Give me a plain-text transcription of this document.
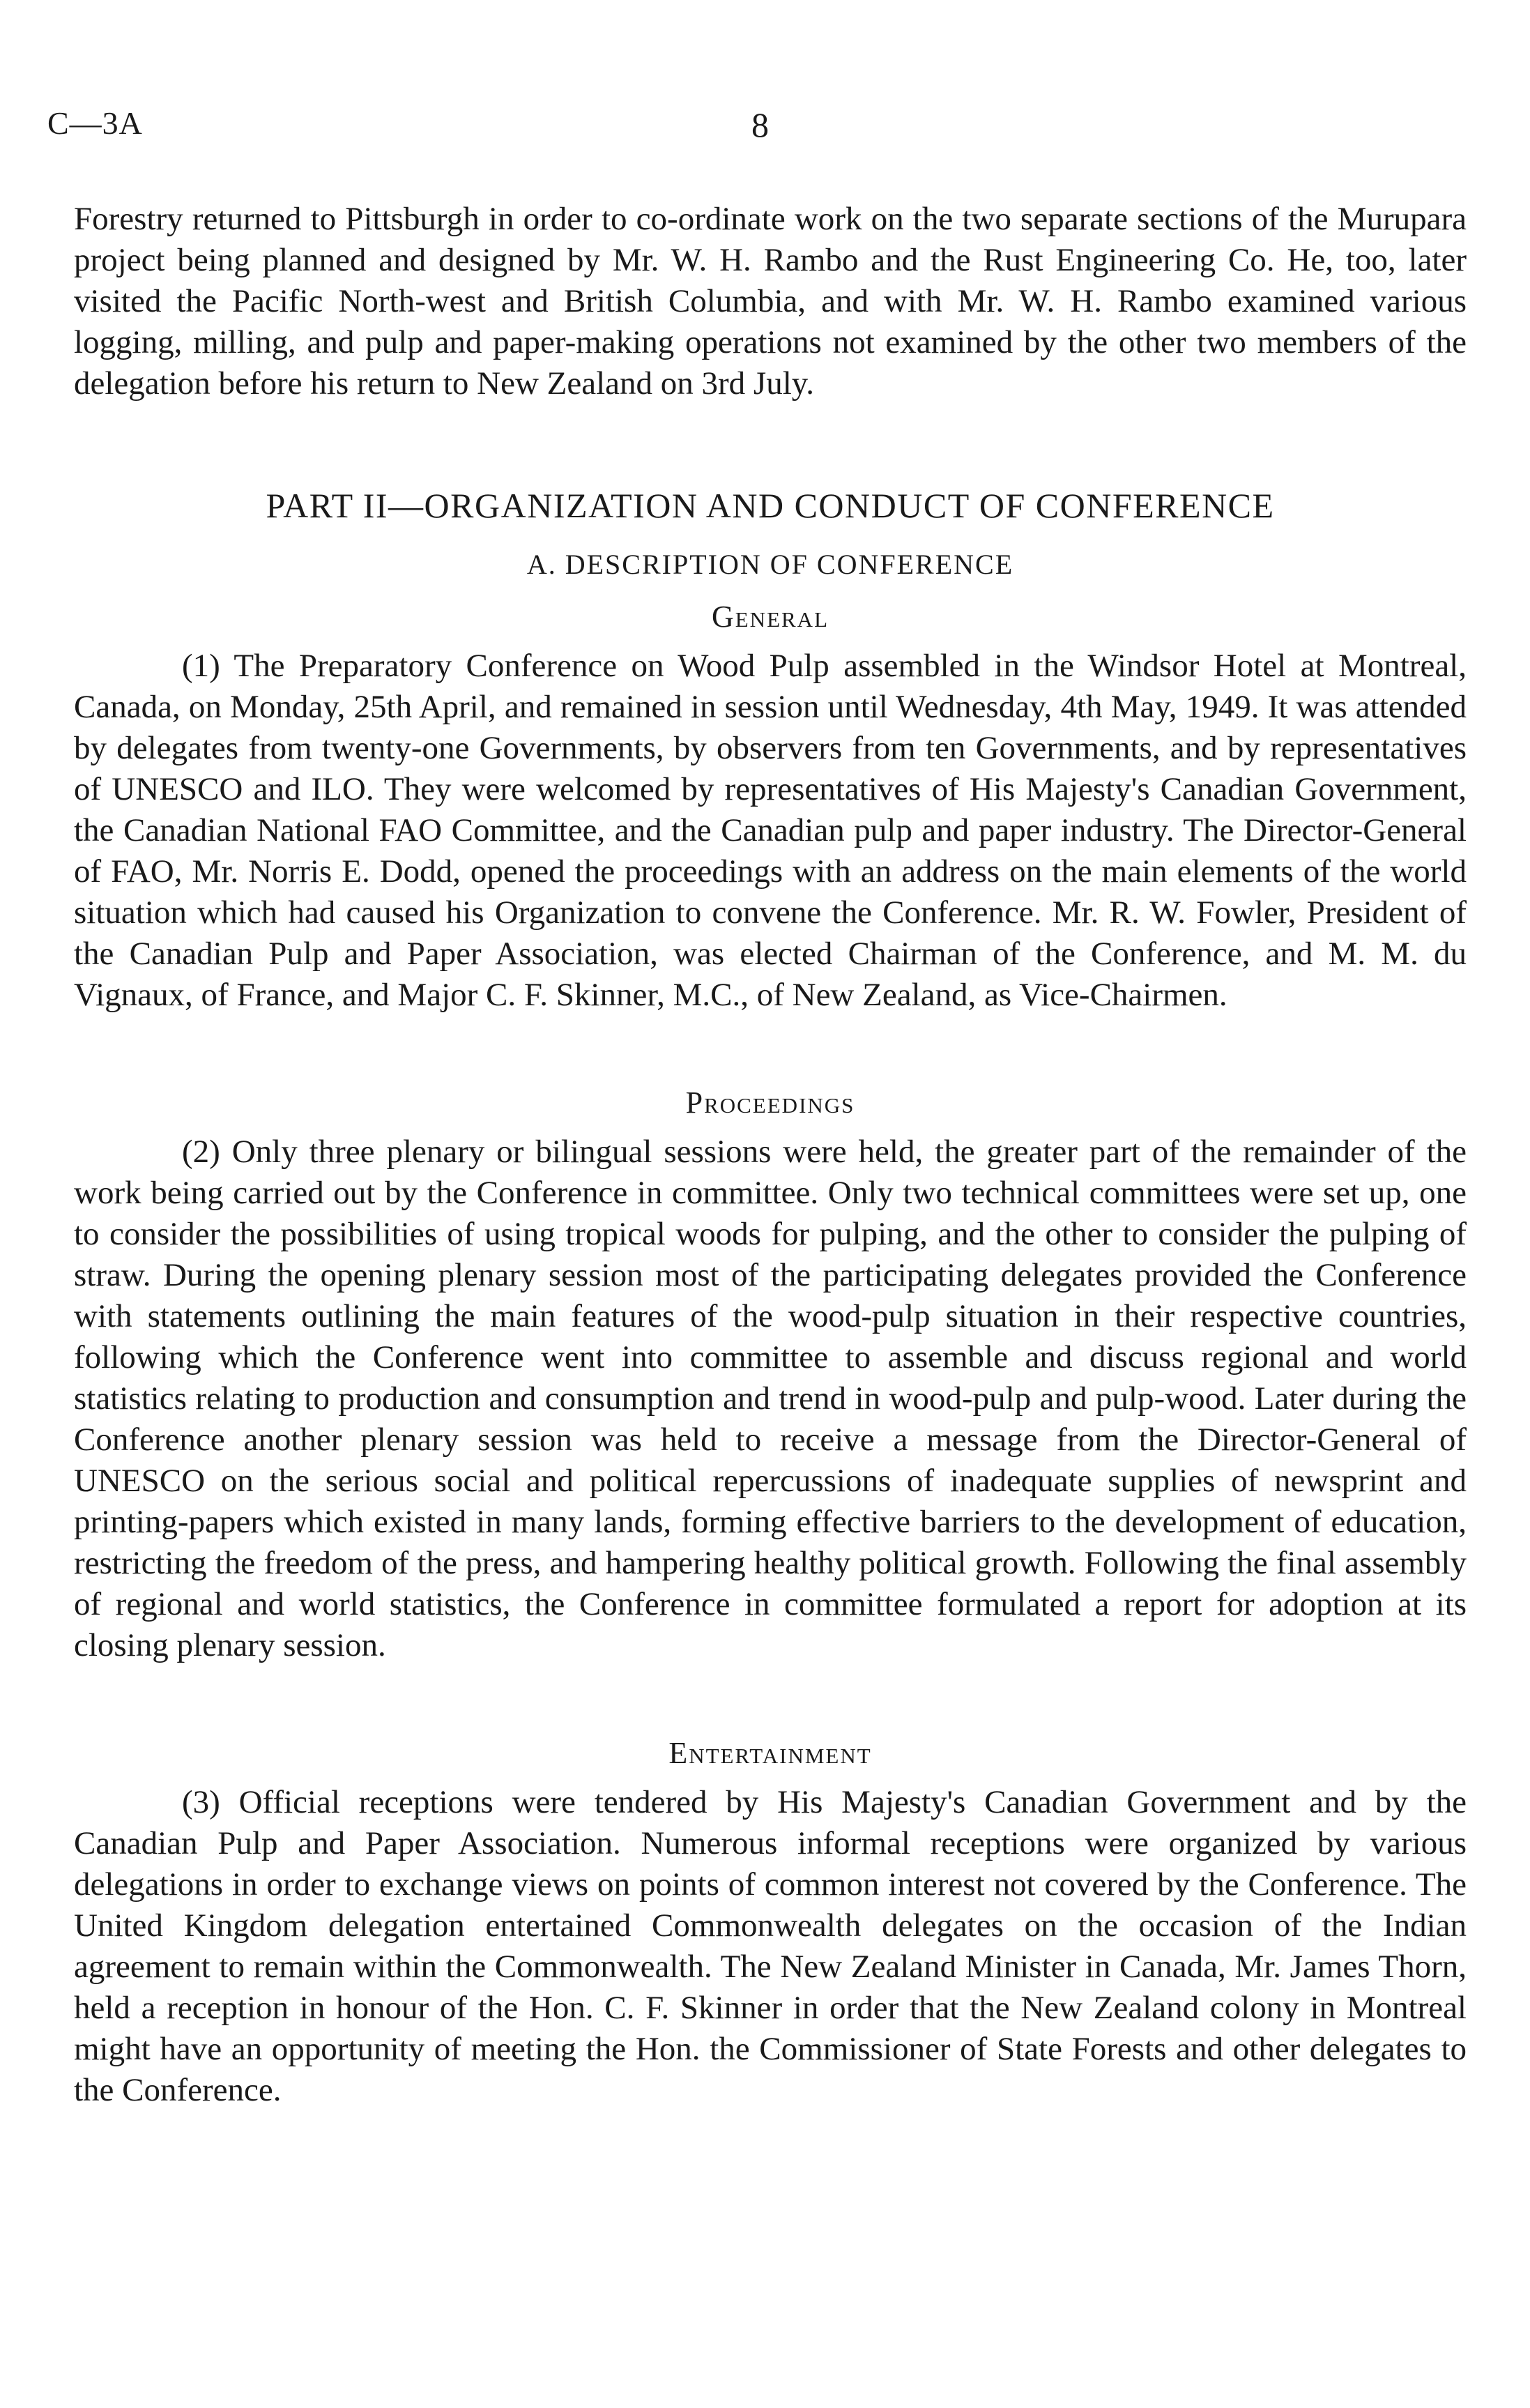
C—3A	8

Forestry returned to Pittsburgh in order to co-ordinate work on the two separate sections of the Murupara project being planned and designed by Mr. W. H. Rambo and the Rust Engineering Co. He, too, later visited the Pacific North-west and British Columbia, and with Mr. W. H. Rambo examined various logging, milling, and pulp and paper-making operations not examined by the other two members of the delegation before his return to New Zealand on 3rd July.

PART II—ORGANIZATION AND CONDUCT OF CONFERENCE
A. DESCRIPTION OF CONFERENCE
General

(1) The Preparatory Conference on Wood Pulp assembled in the Windsor Hotel at Montreal, Canada, on Monday, 25th April, and remained in session until Wednesday, 4th May, 1949. It was attended by delegates from twenty-one Governments, by observers from ten Governments, and by representatives of UNESCO and ILO. They were welcomed by representatives of His Majesty's Canadian Government, the Canadian National FAO Committee, and the Canadian pulp and paper industry. The Director-General of FAO, Mr. Norris E. Dodd, opened the proceedings with an address on the main elements of the world situation which had caused his Organization to convene the Conference. Mr. R. W. Fowler, President of the Canadian Pulp and Paper Association, was elected Chairman of the Conference, and M. M. du Vignaux, of France, and Major C. F. Skinner, M.C., of New Zealand, as Vice-Chairmen.

Proceedings

(2) Only three plenary or bilingual sessions were held, the greater part of the remainder of the work being carried out by the Conference in committee. Only two technical committees were set up, one to consider the possibilities of using tropical woods for pulping, and the other to consider the pulping of straw. During the opening plenary session most of the participating delegates provided the Conference with statements outlining the main features of the wood-pulp situation in their respective countries, following which the Conference went into committee to assemble and discuss regional and world statistics relating to production and consumption and trend in wood-pulp and pulp-wood. Later during the Conference another plenary session was held to receive a message from the Director-General of UNESCO on the serious social and political repercussions of inadequate supplies of newsprint and printing-papers which existed in many lands, forming effective barriers to the development of education, restricting the freedom of the press, and hampering healthy political growth. Following the final assembly of regional and world statistics, the Conference in committee formulated a report for adoption at its closing plenary session.

Entertainment

(3) Official receptions were tendered by His Majesty's Canadian Government and by the Canadian Pulp and Paper Association. Numerous informal receptions were organized by various delegations in order to exchange views on points of common interest not covered by the Conference. The United Kingdom delegation entertained Commonwealth delegates on the occasion of the Indian agreement to remain within the Commonwealth. The New Zealand Minister in Canada, Mr. James Thorn, held a reception in honour of the Hon. C. F. Skinner in order that the New Zealand colony in Montreal might have an opportunity of meeting the Hon. the Commissioner of State Forests and other delegates to the Conference.
